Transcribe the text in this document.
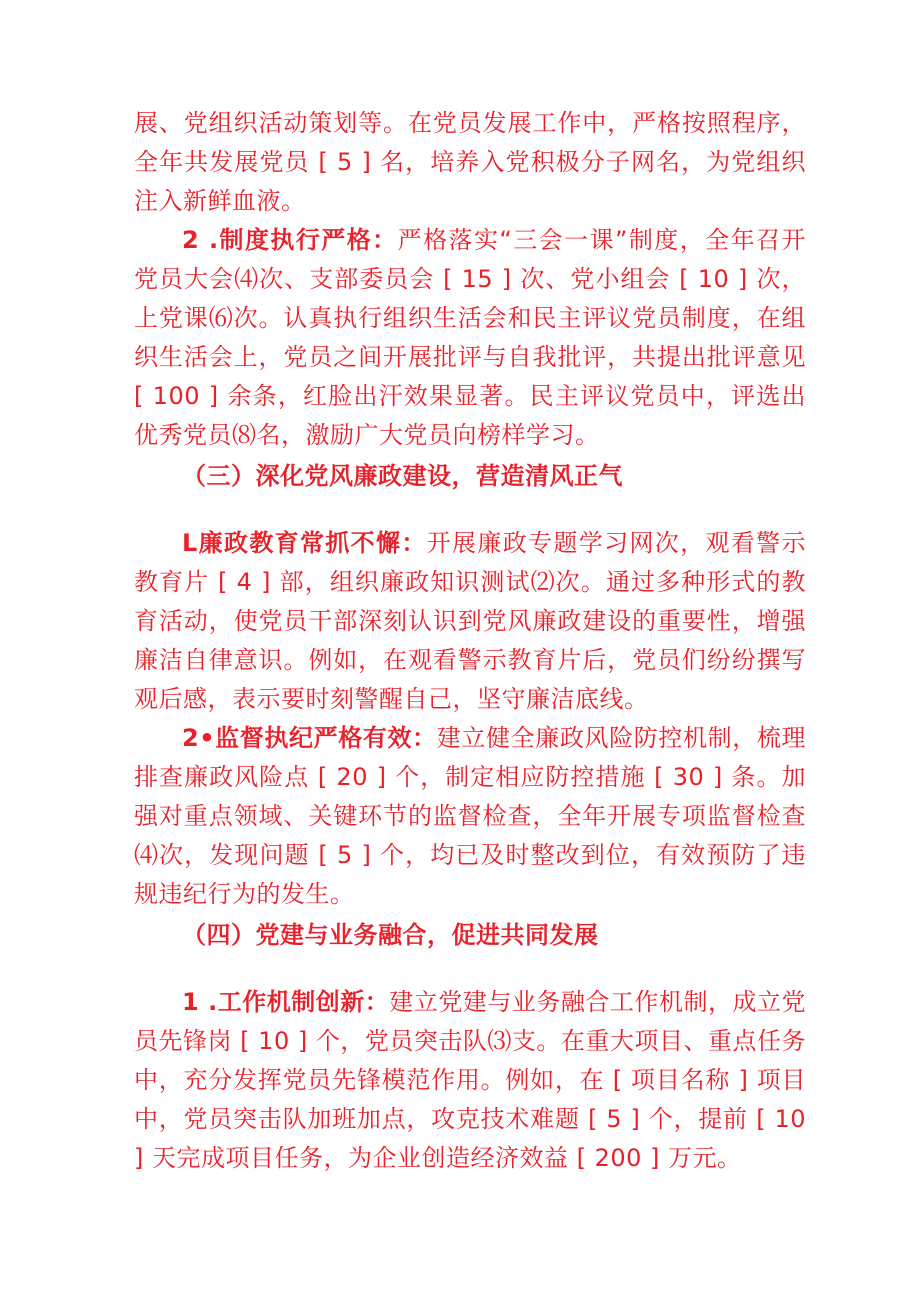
展、党组织活动策划等。在党员发展工作中，严格按照程序，全年共发展党员 [ 5 ] 名，培养入党积极分子网名，为党组织注入新鲜血液。

2 .制度执行严格：严格落实“三会一课”制度，全年召开党员大会⑷次、支部委员会 [ 15 ] 次、党小组会 [ 10 ] 次，上党课⑹次。认真执行组织生活会和民主评议党员制度，在组织生活会上，党员之间开展批评与自我批评，共提出批评意见 [ 100 ] 余条，红脸出汗效果显著。民主评议党员中，评选出优秀党员⑻名，激励广大党员向榜样学习。

（三）深化党风廉政建设，营造清风正气

L廉政教育常抓不懈：开展廉政专题学习网次，观看警示教育片 [ 4 ] 部，组织廉政知识测试⑵次。通过多种形式的教育活动，使党员干部深刻认识到党风廉政建设的重要性，增强廉洁自律意识。例如，在观看警示教育片后，党员们纷纷撰写观后感，表示要时刻警醒自己，坚守廉洁底线。

2•监督执纪严格有效：建立健全廉政风险防控机制，梳理排查廉政风险点 [ 20 ] 个，制定相应防控措施 [ 30 ] 条。加强对重点领域、关键环节的监督检查，全年开展专项监督检查⑷次，发现问题 [ 5 ] 个，均已及时整改到位，有效预防了违规违纪行为的发生。

（四）党建与业务融合，促进共同发展

1 .工作机制创新：建立党建与业务融合工作机制，成立党员先锋岗 [ 10 ] 个，党员突击队⑶支。在重大项目、重点任务中，充分发挥党员先锋模范作用。例如，在 [ 项目名称 ] 项目中，党员突击队加班加点，攻克技术难题 [ 5 ] 个，提前 [ 10 ] 天完成项目任务，为企业创造经济效益 [ 200 ] 万元。
